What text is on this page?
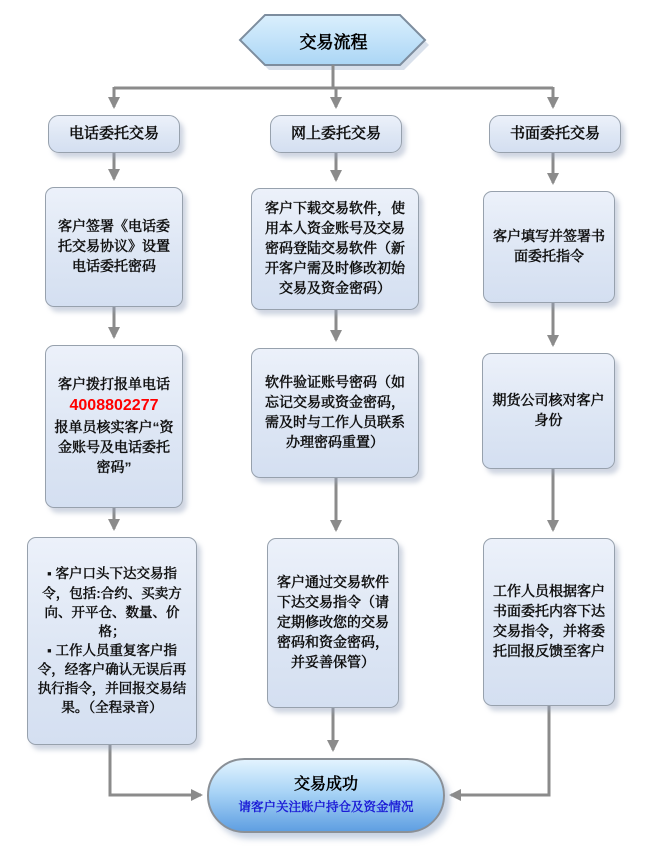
交易流程
电话委托交易	网上委托交易	书面委托交易
客户签署《电话委托交易协议》设置电话委托密码
客户拨打报单电话
4008802277
报单员核实客户“资金账号及电话委托密码”
▪ 客户口头下达交易指令，包括:合约、买卖方向、开平仓、数量、价格；
▪ 工作人员重复客户指令，经客户确认无误后再执行指令，并回报交易结果。（全程录音）
客户下载交易软件，使用本人资金账号及交易密码登陆交易软件（新开客户需及时修改初始交易及资金密码）
软件验证账号密码（如忘记交易或资金密码，需及时与工作人员联系办理密码重置）
客户通过交易软件下达交易指令（请定期修改您的交易密码和资金密码，并妥善保管）
客户填写并签署书面委托指令
期货公司核对客户身份
工作人员根据客户书面委托内容下达交易指令，并将委托回报反馈至客户
交易成功
请客户关注账户持仓及资金情况
